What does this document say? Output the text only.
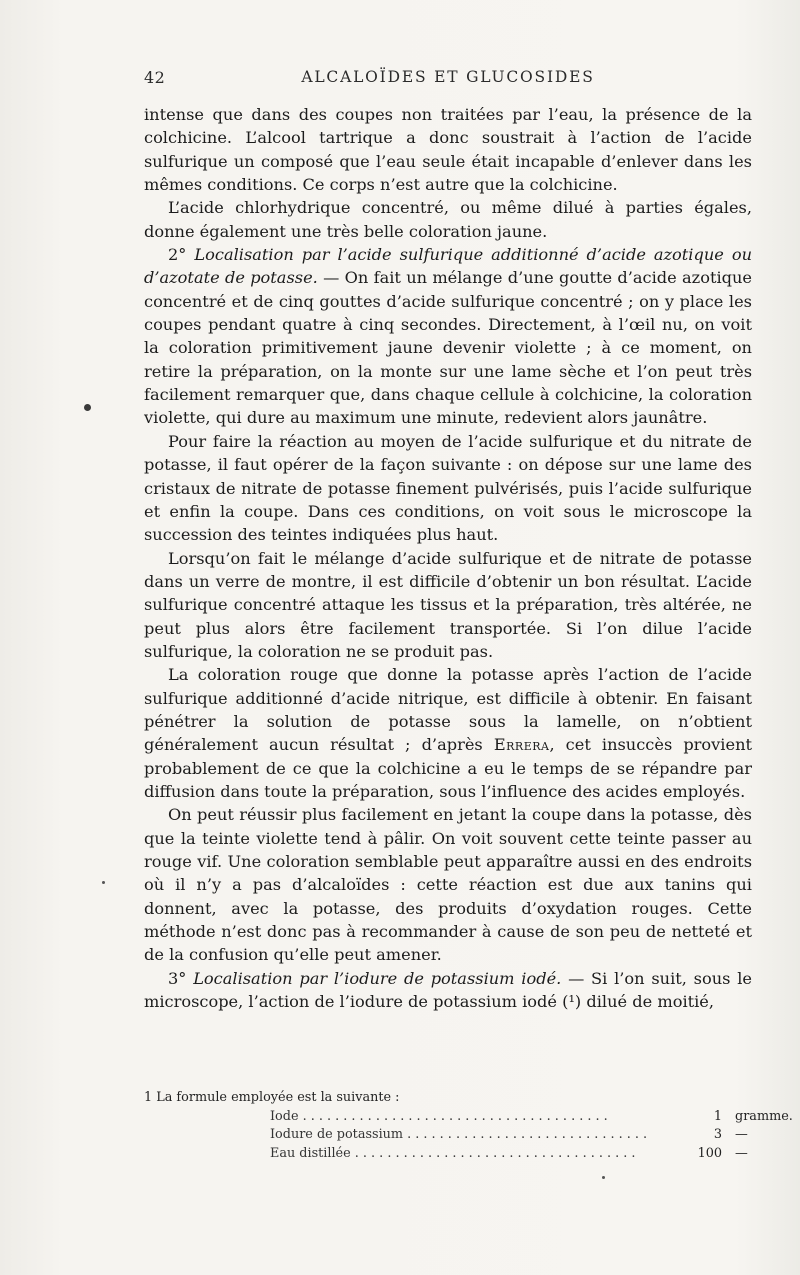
42	ALCALOÏDES ET GLUCOSIDES

intense que dans des coupes non traitées par l’eau, la présence de la colchicine. L’alcool tartrique a donc soustrait à l’action de l’acide sulfurique un composé que l’eau seule était incapable d’enlever dans les mêmes conditions. Ce corps n’est autre que la colchicine.

L’acide chlorhydrique concentré, ou même dilué à parties égales, donne également une très belle coloration jaune.

2° Localisation par l’acide sulfurique additionné d’acide azotique ou d’azotate de potasse. — On fait un mélange d’une goutte d’acide azotique concentré et de cinq gouttes d’acide sulfurique concentré ; on y place les coupes pendant quatre à cinq secondes. Directement, à l’œil nu, on voit la coloration primitivement jaune devenir violette ; à ce moment, on retire la préparation, on la monte sur une lame sèche et l’on peut très facilement remarquer que, dans chaque cellule à colchicine, la coloration violette, qui dure au maximum une minute, redevient alors jaunâtre.

Pour faire la réaction au moyen de l’acide sulfurique et du nitrate de potasse, il faut opérer de la façon suivante : on dépose sur une lame des cristaux de nitrate de potasse finement pulvérisés, puis l’acide sulfurique et enfin la coupe. Dans ces conditions, on voit sous le microscope la succession des teintes indiquées plus haut.

Lorsqu’on fait le mélange d’acide sulfurique et de nitrate de potasse dans un verre de montre, il est difficile d’obtenir un bon résultat. L’acide sulfurique concentré attaque les tissus et la préparation, très altérée, ne peut plus alors être facilement transportée. Si l’on dilue l’acide sulfurique, la coloration ne se produit pas.

La coloration rouge que donne la potasse après l’action de l’acide sulfurique additionné d’acide nitrique, est difficile à obtenir. En faisant pénétrer la solution de potasse sous la lamelle, on n’obtient généralement aucun résultat ; d’après Errera, cet insuccès provient probablement de ce que la colchicine a eu le temps de se répandre par diffusion dans toute la préparation, sous l’influence des acides employés.

On peut réussir plus facilement en jetant la coupe dans la potasse, dès que la teinte violette tend à pâlir. On voit souvent cette teinte passer au rouge vif. Une coloration semblable peut apparaître aussi en des endroits où il n’y a pas d’alcaloïdes : cette réaction est due aux tanins qui donnent, avec la potasse, des produits d’oxydation rouges. Cette méthode n’est donc pas à recommander à cause de son peu de netteté et de la confusion qu’elle peut amener.

3° Localisation par l’iodure de potassium iodé. — Si l’on suit, sous le microscope, l’action de l’iodure de potassium iodé (¹) dilué de moitié,

1 La formule employée est la suivante :

Iode . . . . . . . . . . . . . . . . . . . . . . . . . . . . . . . . . . . . . .	1 gramme.
Iodure de potassium . . . . . . . . . . . . . . . . . . . . . . . . . . . . . .	3 —
Eau distillée . . . . . . . . . . . . . . . . . . . . . . . . . . . . . . . . . . .	100 —
